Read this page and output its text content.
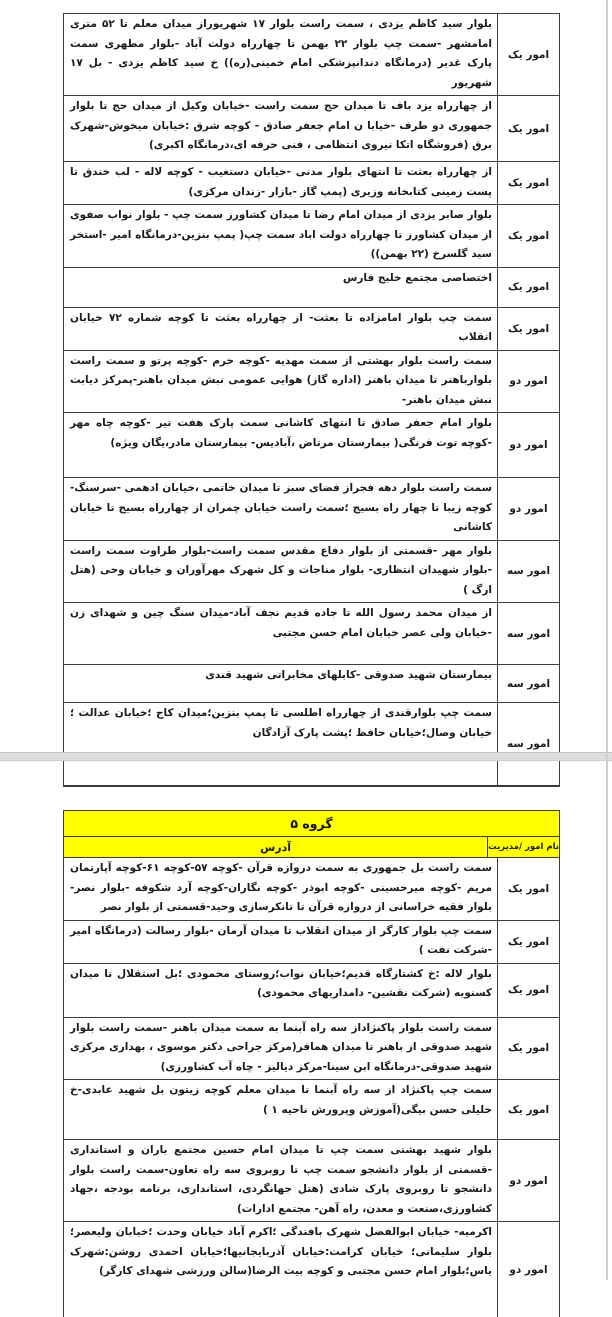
امور یک
بلوار سید کاظم یزدی ، سمت راست بلوار ۱۷ شهریوراز میدان معلم تا ۵۲ متری امامشهر -سمت چپ بلوار ۲۲ بهمن تا چهارراه دولت آباد -بلوار مطهری سمت پارک غدیر (درمانگاه دندانپزشکی امام خمینی(ره)) خ سید کاظم یزدی - بل ۱۷ شهریور
امور یک
از چهارراه یزد باف تا میدان حج سمت راست -خیابان وکیل از میدان حج تا بلوار جمهوری دو طرف -خیابا ن امام جعفر صادق - کوچه شرق :خیابان میخوش-شهرک برق (فروشگاه اتکا نیروی انتظامی ، فنی حرفه ای،درمانگاه اکبری)
امور یک
از چهارراه بعثت تا انتهای بلوار مدنی -خیابان دستغیب - کوچه لاله - لب خندق تا پست زمینی کتابخانه وزیری (پمپ گاز -بازار -زندان مرکزی)
امور یک
بلوار صابر یزدی از میدان امام رضا تا میدان کشاورز سمت چپ - بلوار نواب صفوی از میدان کشاورز تا چهارراه دولت اباد سمت چپ( پمپ بنزین-درمانگاه امیر -استخر سید گلسرخ (۲۲ بهمن))
امور یک
اختصاصی مجتمع خلیج فارس
امور یک
سمت چپ بلوار امامزاده تا بعثت- از چهارراه بعثت تا کوچه شماره ۷۲ خیابان انقلاب
امور دو
سمت راست بلوار بهشتی از سمت مهدیه -کوچه خرم -کوچه پرتو و سمت راست بلوارباهنر تا میدان باهنر (اداره گاز) هوایی عمومی نبش میدان باهنر-پمرکز دیابت نبش میدان باهنر-
امور دو
بلوار امام جعفر صادق تا انتهای کاشانی سمت پارک هفت تیر -کوچه چاه مهر -کوچه توت فرنگی( بیمارستان مرتاض ،آبادیس- بیمارستان مادر،یگان ویژه)
امور دو
سمت راست بلوار دهه فجراز فضای سبز تا میدان خاتمی ،خیابان ادهمی -سرسنگ-کوچه زیبا تا چهار راه بسیج ؛سمت راست خیابان چمران از چهارراه بسیج تا خیابان کاشانی
امور سه
بلوار مهر -قسمتی از بلوار دفاع مقدس سمت راست-بلوار طراوت سمت راست -بلوار شهیدان انتظاری- بلوار مناجات و کل شهرک مهرآوران و خیابان وحی (هتل ارگ )
امور سه
از میدان محمد رسول الله تا جاده قدیم نجف آباد-میدان سنگ چین و شهدای زن -خیابان ولی عصر خیابان امام حسن مجتبی
امور سه
بیمارستان شهید صدوقی -کابلهای مخابراتی شهید قندی
امور سه
سمت چپ بلوارقندی از چهارراه اطلسی تا پمپ بنزین؛میدان کاج ؛خیابان عدالت ؛خیابان وصال؛خیابان حافظ ؛پشت پارک آزادگان
گروه ۵
نام امور /مدیریت
آدرس
امور یک
سمت راست بل جمهوری به سمت دروازه قرآن -کوچه ۵۷-کوچه ۶۱-کوچه آپارتمان مریم -کوچه میرحسینی -کوچه ابوذر -کوچه نگاران-کوچه آرد شکوفه -بلوار نصر-بلوار فقیه خراسانی از دروازه قرآن تا تانکرسازی وحید-قسمتی از بلوار نصر
امور یک
سمت چپ بلوار کارگر از میدان انقلاب تا میدان آرمان -بلوار رسالت (درمانگاه امیر -شرکت نفت )
امور یک
بلوار لاله :خ کشتارگاه قدیم؛خیابان نواب؛روستای محمودی ؛بل استقلال تا میدان کسنویه (شرکت نقشین- دامداریهای محمودی)
امور یک
سمت راست بلوار پاکنژاداز سه راه آبنما به سمت میدان باهنر -سمت راست بلوار شهید صدوقی از باهنر تا میدان همافر(مرکز جراحی دکتر موسوی ، بهداری مرکزی شهید صدوقی-درمانگاه ابن سینا-مرکز دیالیز - چاه آب کشاورزی)
امور یک
سمت چپ پاکنژاد از سه راه آبنما تا میدان معلم کوچه زیتون بل شهید عابدی-خ خلیلی حسن بیگی(آموزش وپرورش ناحیه ۱ )
امور دو
بلوار شهید بهشتی سمت چپ تا میدان امام حسین مجتمع باران و استانداری -قسمتی از بلوار دانشجو سمت چپ تا روبروی سه راه تعاون-سمت راست بلوار دانشجو تا روبروی پارک شادی (هتل جهانگردی، استانداری، برنامه بودجه ،جهاد کشاورزی،صنعت و معدن، راه آهن- مجتمع ادارات)
امور دو
اکرمیه- خیابان ابوالفضل شهرک بافندگی ؛اکرم آباد خیابان وحدت ؛خیابان ولیعصر؛بلوار سلیمانی؛ خیابان کرامت:خیابان آذربایجانیها؛خیابان احمدی روشن:شهرک یاس؛بلوار امام حسن مجتبی و کوچه بیت الرضا(سالن ورزشی شهدای کارگر)
